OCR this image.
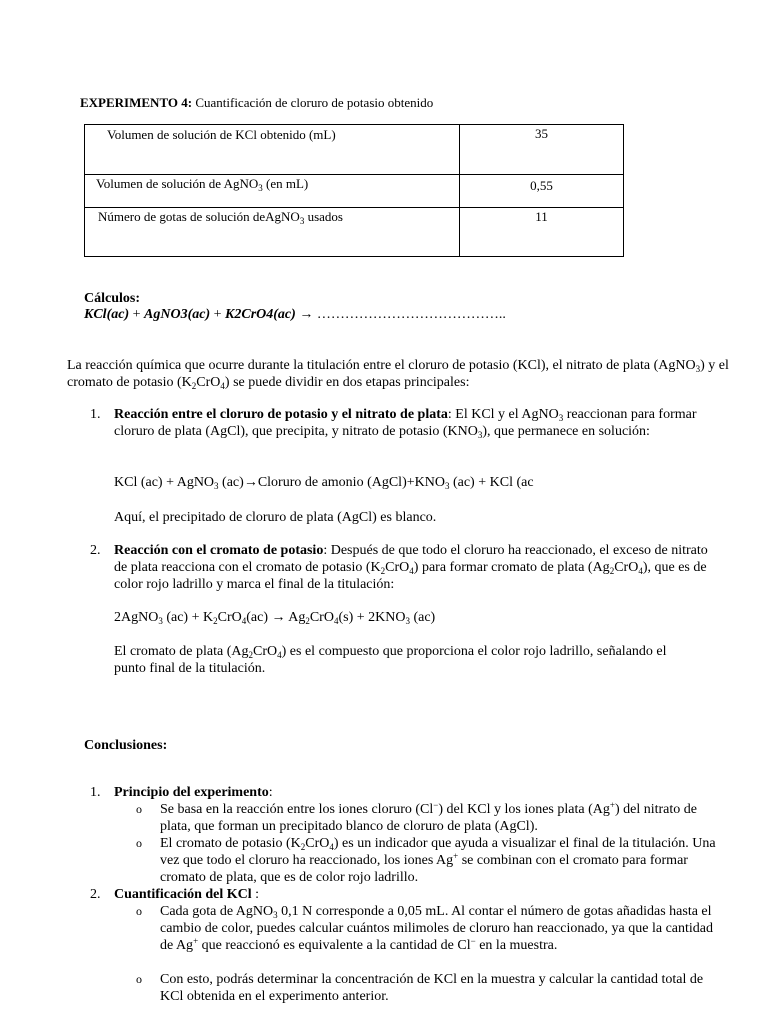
EXPERIMENTO 4: Cuantificación de cloruro de potasio obtenido
Volumen de solución de KCl obtenido (mL)	35

Volumen de solución de AgNO$_3$ (en mL)	0,55

Número de gotas de solución deAgNO$_3$ usados	11
Cálculos:
KCl(ac) + AgNO3(ac) + K2CrO4(ac) → …………………………………..
La reacción química que ocurre durante la titulación entre el cloruro de potasio (KCl), el nitrato de plata (AgNO$_3$) y el cromato de potasio $(K_2CrO_4)$ se puede dividir en dos etapas principales:
1. Reacción entre el cloruro de potasio y el nitrato de plata: El KCl y el AgNO$_3$ reaccionan para formar cloruro de plata (AgCl), que precipita, y nitrato de potasio $(KNO_3)$, que permanece en solución:
KCl (ac) + AgNO$_3$ (ac)→Cloruro de amonio $(AgCl)+KNO_3$ (ac) + KCl (ac
Aquí, el precipitado de cloruro de plata (AgCl) es blanco.
2. Reacción con el cromato de potasio: Después de que todo el cloruro ha reaccionado, el exceso de nitrato de plata reacciona con el cromato de potasio $(K_2CrO_4)$ para formar cromato de plata $(Ag_2CrO_4)$, que es de color rojo ladrillo y marca el final de la titulación:
2AgNO$_3$ $(ac) + K_2CrO_4(ac) \to Ag_2CrO_4(s) + 2KNO_3$ (ac)
El cromato de plata $(Ag_2CrO_4)$ es el compuesto que proporciona el color rojo ladrillo, señalando el punto final de la titulación.
Conclusiones:
1. Principio del experimento:
o Se basa en la reacción entre los iones cloruro (Cl−) del KCl y los iones plata (Ag+) del nitrato de plata, que forman un precipitado blanco de cloruro de plata (AgCl).
o El cromato de potasio $(K_2CrO_4)$ es un indicador que ayuda a visualizar el final de la titulación. Una vez que todo el cloruro ha reaccionado, los iones Ag+ se combinan con el cromato para formar cromato de plata, que es de color rojo ladrillo.
2. Cuantificación del KCl :
o Cada gota de AgNO$_3$ 0,1 N corresponde a 0,05 mL. Al contar el número de gotas añadidas hasta el cambio de color, puedes calcular cuántos milimoles de cloruro han reaccionado, ya que la cantidad de Ag+ que reaccionó es equivalente a la cantidad de Cl− en la muestra.
o Con esto, podrás determinar la concentración de KCl en la muestra y calcular la cantidad total de KCl obtenida en el experimento anterior.
